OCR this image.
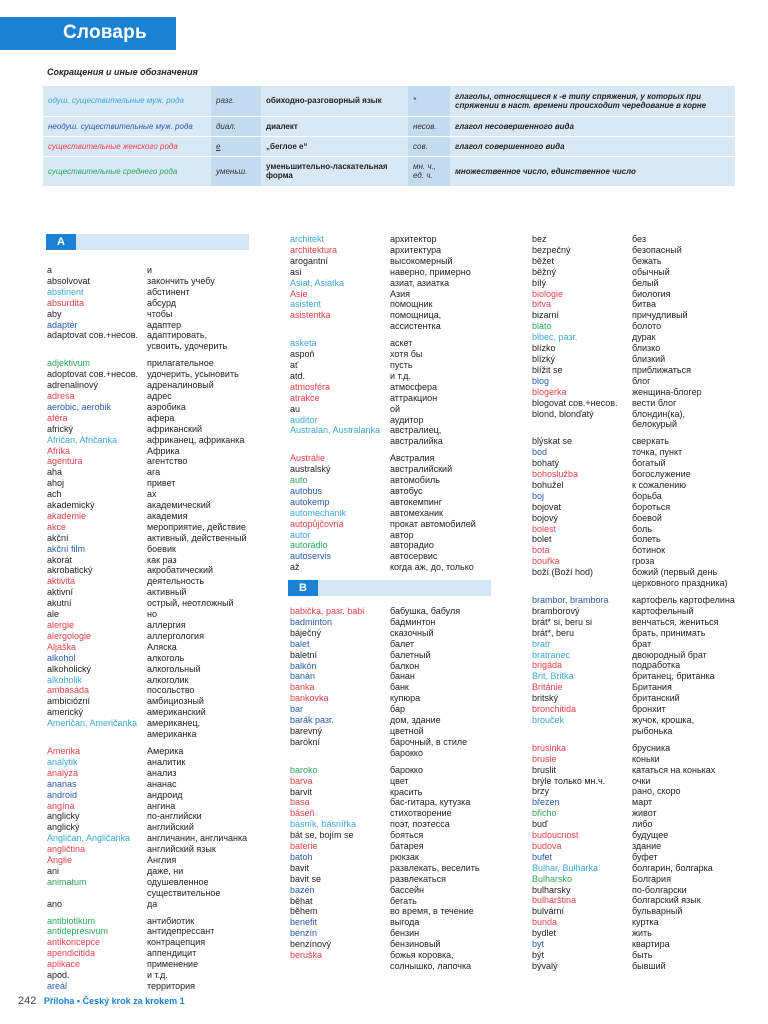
Словарь
Сокращения и иные обозначения
одуш. существительные муж. рода	разг.	обиходно-разговорный язык	*	глаголы, относящиеся к -e типу спряжения, у которых при спряжении в наст. времени происходит чередование в корне
неодуш. существительные муж. рода	диал.	диалект	несов.	глагол несовершенного вида
существительные женского рода	e	„беглое e“	сов.	глагол совершенного вида
существительные среднего рода	уменьш.	уменьшительно-ласкательная форма	мн. ч., ед. ч.	множественное число, единственное число
A
B
a	и
absolvovat	закончить учебу
abstinent	абстинент
absurdita	абсурд
aby	чтобы
adaptér	адаптер
adaptovat сов.+несов. адаптировать,
усвоить, удочерить
adjektivum	прилагательное
adoptovat сов.+несов. удочерить, усыновить
adrenalinový	адреналиновый
adresa	адрес
aerobic, aerobik	аэробика
aféra	афера
africký	африканский
Afričan, Afričanka	африканец, африканка
Afrika	Африка
agentura	агентство
aha	ага
ahoj	привет
ach	ах
akademický	академический
akademie	академия
akce	мероприятие, действие
akční	активный, действенный
akční film	боевик
akorát	как раз
akrobatický	акробатический
aktivita	деятельность
aktivní	активный
akutní	острый, неотложный
ale	но
alergie	аллергия
alergologie	аллергология
Aljaška	Аляска
alkohol	алкоголь
alkoholický	алкогольный
alkoholik	алкоголик
ambasáda	посольство
ambiciózní	амбициозный
americký	американский
Američan, Američanka	американец,
американка
Amerika	Америка
analytik	аналитик
analýza	анализ
ananas	ананас
android	андроид
angína	ангина
anglicky	по-английски
anglický	английский
Angličan, Angličanka	англичанин, англичанка
angličtina	английский язык
Anglie	Англия
ani	даже, ни
animatum	одушевленное
существительное
ano	да
antibiotikum	антибиотик
antidepresivum	антидепрессант
antikoncepce	контрацепция
apendicitida	аппендицит
aplikace	применение
apod.	и т.д.
areál	территория
architekt	архитектор
architektura	архитектура
arogantní	высокомерный
asi	наверно, примерно
Asiat, Asiatka	азиат, азиатка
Asie	Азия
asistent	помощник
asistentka	помощница,
ассистентка
asketa	аскет
aspoň	хотя бы
ať	пусть
atd.	и т.д.
atmosféra	атмосфера
atrakce	аттракцион
au	ой
auditor	аудитор
Australan, Australanka	австралиец,
австралийка
Austrálie	Австралия
australský	австралийский
auto	автомобиль
autobus	автобус
autokemp	автокемпинг
automechanik	автомеханик
autopůjčovna	прокат автомобилей
autor	автор
autorádio	авторадио
autoservis	автосервис
až	когда аж, до, только
babička, разг. babi	бабушка, бабуля
badminton	бадминтон
báječný	сказочный
balet	балет
baletní	балетный
balkón	балкон
banán	банан
banka	банк
bankovka	купюра
bar	бар
barák разг.	дом, здание
barevný	цветной
barokní	барочный, в стиле
барокко
baroko	барокко
barva	цвет
barvit	красить
basa	бас-гитара, кутузка
báseň	стихотворение
básník, básnířka	поэт, поэтесса
bát se, bojím se	бояться
baterie	батарея
batoh	рюкзак
bavit	развлекать, веселить
bavit se	развлекаться
bazén	бассейн
běhat	бегать
během	во время, в течение
benefit	выгода
benzín	бензин
benzínový	бензиновый
beruška	божья коровка,
солнышко, лапочка
bez	без
bezpečný	безопасный
běžet	бежать
běžný	обычный
bílý	белый
biologie	биология
bitva	битва
bizarní	причудливый
bláto	болото
blbec, разг.	дурак
blízko	близко
blízký	близкий
blížit se	приближаться
blog	блог
blogerka	женщина-блогер
blogovat сов.+несов.	вести блог
blond, blonďatý	блондин(ка),
белокурый
blýskat se	сверкать
bod	точка, пункт
bohatý	богатый
bohoslužba	богослужение
bohužel	к сожалению
boj	борьба
bojovat	бороться
bojový	боевой
bolest	боль
bolet	болеть
bota	ботинок
bouřka	гроза
boží (Boží hod)	божий (первый день
церковного праздника)
brambor, brambora	картофель картофелина
bramborový	картофельный
brát* si, beru si	венчаться, жениться
brát*, beru	брать, принимать
bratr	брат
bratranec	двоюродный брат
brigáda	подработка
Brit, Britka	британец, британка
Británie	Британия
britský	британский
bronchitida	бронхит
brouček	жучок, крошка,
рыбонька
brusinka	брусника
brusle	коньки
bruslit	кататься на коньках
brýle только мн.ч.	очки
brzy	рано, скоро
březen	март
břicho	живот
buď	либо
budoucnost	будущее
budova	здание
bufet	буфет
Bulhar, Bulharka	болгарин, болгарка
Bulharsko	Болгария
bulharsky	по-болгарски
bulharština	болгарский язык
bulvární	бульварный
bunda	куртка
bydlet	жить
byt	квартира
být	быть
bývalý	бывший
242 Příloha • Český krok za krokem 1
